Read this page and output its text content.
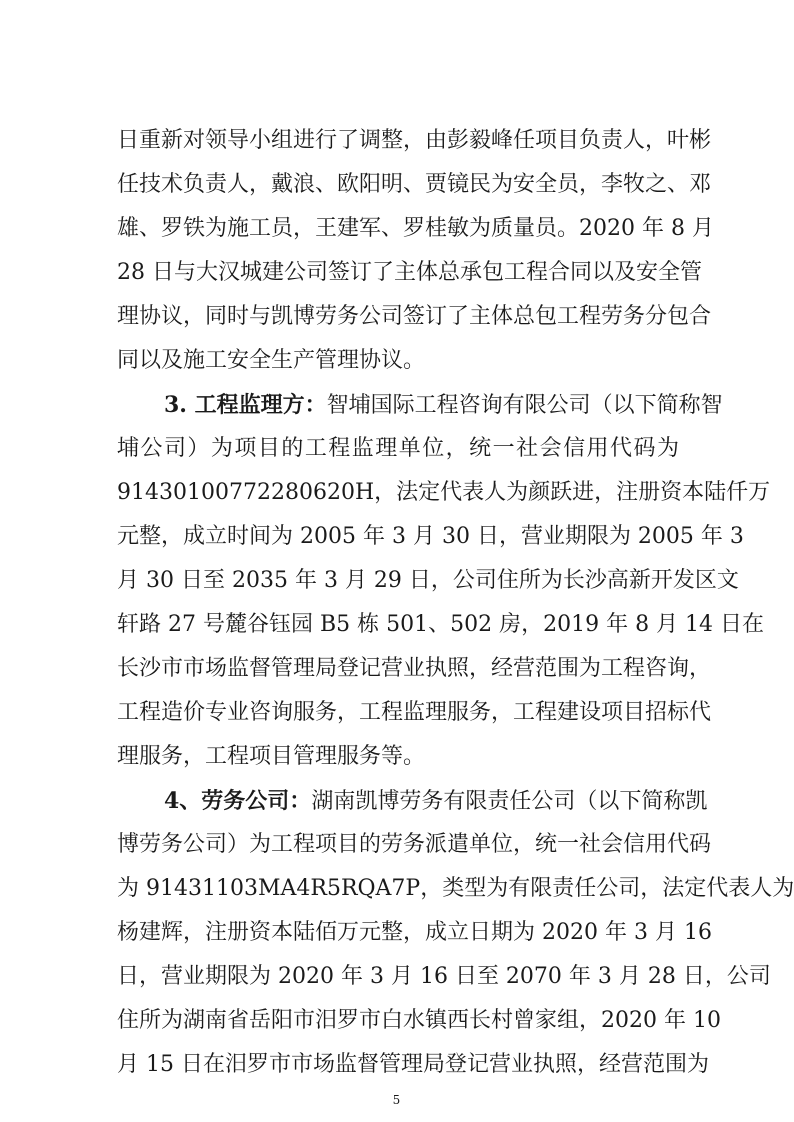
日重新对领导小组进行了调整，由彭毅峰任项目负责人，叶彬
任技术负责人，戴浪、欧阳明、贾镜民为安全员，李牧之、邓
雄、罗铁为施工员，王建军、罗桂敏为质量员。2020 年 8 月
28 日与大汉城建公司签订了主体总承包工程合同以及安全管
理协议，同时与凯博劳务公司签订了主体总包工程劳务分包合
同以及施工安全生产管理协议。
3. 工程监理方：智埔国际工程咨询有限公司（以下简称智
埔公司）为项目的工程监理单位，统一社会信用代码为
91430100772280620H，法定代表人为颜跃进，注册资本陆仟万
元整，成立时间为 2005 年 3 月 30 日，营业期限为 2005 年 3
月 30 日至 2035 年 3 月 29 日，公司住所为长沙高新开发区文
轩路 27 号麓谷钰园 B5 栋 501、502 房，2019 年 8 月 14 日在
长沙市市场监督管理局登记营业执照，经营范围为工程咨询，
工程造价专业咨询服务，工程监理服务，工程建设项目招标代
理服务，工程项目管理服务等。
4、劳务公司：湖南凯博劳务有限责任公司（以下简称凯
博劳务公司）为工程项目的劳务派遣单位，统一社会信用代码
为 91431103MA4R5RQA7P，类型为有限责任公司，法定代表人为
杨建辉，注册资本陆佰万元整，成立日期为 2020 年 3 月 16
日，营业期限为 2020 年 3 月 16 日至 2070 年 3 月 28 日，公司
住所为湖南省岳阳市汨罗市白水镇西长村曾家组，2020 年 10
月 15 日在汨罗市市场监督管理局登记营业执照，经营范围为
5
